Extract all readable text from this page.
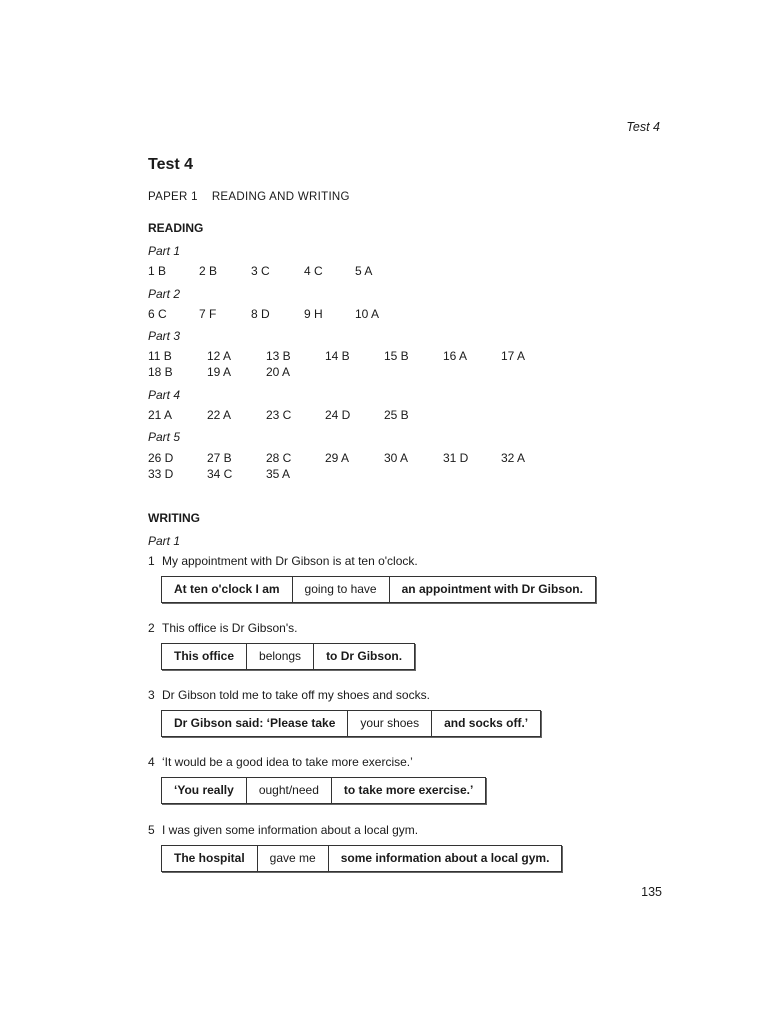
Test 4
Test 4
PAPER 1 READING AND WRITING
READING
Part 1
1 B	2 B	3 C	4 C	5 A
Part 2
6 C	7 F	8 D	9 H	10 A
Part 3
11 B	12 A	13 B	14 B	15 B	16 A	17 A
18 B	19 A	20 A
Part 4
21 A	22 A	23 C	24 D	25 B
Part 5
26 D	27 B	28 C	29 A	30 A	31 D	32 A
33 D	34 C	35 A
WRITING
Part 1
1 My appointment with Dr Gibson is at ten o'clock.
At ten o'clock I am	going to have	an appointment with Dr Gibson.
2 This office is Dr Gibson's.
This office	belongs	to Dr Gibson.
3 Dr Gibson told me to take off my shoes and socks.
Dr Gibson said: ‘Please take	your shoes	and socks off.’
4 ‘It would be a good idea to take more exercise.’
‘You really	ought/need	to take more exercise.’
5 I was given some information about a local gym.
The hospital	gave me	some information about a local gym.
135
